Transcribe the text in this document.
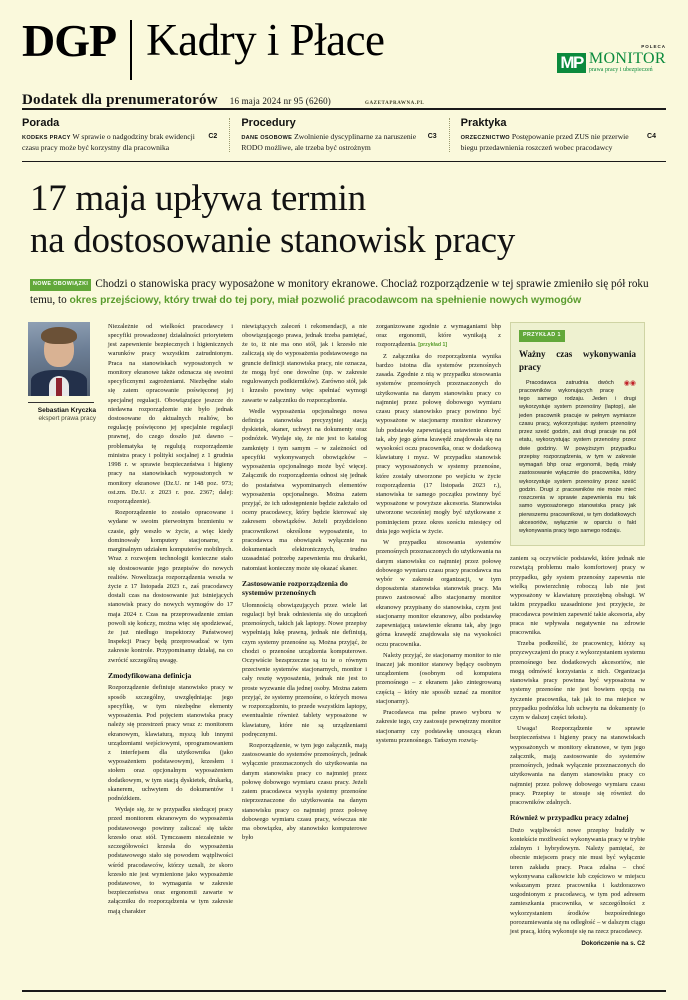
DGP Kadry i Płace
Dodatek dla prenumeratorów 16 maja 2024 nr 95 (6260)	GAZETAPRAWNA.PL
POLECA
MP MONITOR
prawa pracy i ubezpieczeń
Porada

C2
KODEKS PRACY W sprawie o nadgodziny brak ewidencji czasu pracy może być korzystny dla pracownika

Procedury

C3
DANE OSOBOWE Zwolnienie dyscyplinarne za naruszenie RODO możliwe, ale trzeba być ostrożnym

Praktyka

C4
ORZECZNICTWO Postępowanie przed ZUS nie przerwie biegu przedawnienia roszczeń wobec pracodawcy

17 maja upływa termin
na dostosowanie stanowisk pracy
NOWE OBOWIĄZKI Chodzi o stanowiska pracy wyposażone w monitory ekranowe. Chociaż rozporządzenie w tej sprawie zmieniło się pół roku temu, to okres przejściowy, który trwał do tej pory, miał pozwolić pracodawcom na spełnienie nowych wymogów
Sebastian Kryczka
ekspert prawa pracy

Niezależnie od wielkości pracodawcy i specyfiki prowadzonej działalności priorytetem jest zapewnienie bezpiecznych i higienicznych warunków pracy wszystkim zatrudnionym. Praca na stanowiskach wyposażonych w monitory ekranowe także odznacza się swoimi specyficznymi zagrożeniami. Niezbędne stało się zatem opracowanie poświęconej jej specjalnej regulacji. Obowiązujące jeszcze do niedawna rozporządzenie nie było jednak dostosowane do aktualnych realiów, bo regulację poświęcono jej specjalnie regulacji prawnej, do czego doszło już dawno – problematyka tę regulują rozporządzenie ministra pracy i polityki socjalnej z 1 grudnia 1998 r. w sprawie bezpieczeństwa i higieny pracy na stanowiskach wyposażonych w monitory ekranowe (Dz.U. nr 148 poz. 973; ost.zm. Dz.U. z 2023 r. poz. 2367; dalej: rozporządzenie).

Rozporządzenie to zostało opracowane i wydane w swoim pierwotnym brzmieniu w czasie, gdy weszło w życie, a więc kiedy dominowały komputery stacjonarne, z marginalnym udziałem komputerów mobilnych. Wraz z rozwojem technologii konieczne stało się dostosowanie jego przepisów do nowych realiów. Nowelizacja rozporządzenia weszła w życie z 17 listopada 2023 r., zaś pracodawcy dostali czas na dostosowanie już istniejących stanowisk pracy do nowych wymogów do 17 maja 2024 r. Czas na przeprowadzenie zmian powoli się kończy, można więc się spodziewać, że już niedługo inspektorzy Państwowej Inspekcji Pracy będą przeprowadzać w tym zakresie kontrole. Przypominamy działaj, na co zwrócić szczególną uwagę.

Zmodyfikowana definicja

Rozporządzenie definiuje stanowisko pracy w sposób szczególny, uwzględniając jego specyfikę, w tym niezbędne elementy wyposażenia. Pod pojęciem stanowiska pracy należy się przestrzeń pracy wraz z: monitorem ekranowym, klawiaturą, myszą lub innymi urządzeniami wejściowymi, oprogramowaniem z interfejsem dla użytkownika (jako wyposażeniem podstawowym), krzesłem i stołem oraz opcjonalnym wyposażeniem dodatkowym, w tym stacją dyskietek, drukarką, skanerem, uchwytem do dokumentów i podnóżkiem.

Wydaje się, że w przypadku siedzącej pracy przed monitorem ekranowym do wyposażenia podstawowego powinny zaliczać się także krzesło oraz stół. Tymczasem niezależnie w szczegółowości krzesła do wyposażenia podstawowego stało się powodem wątpliwości wśród pracodawców, którzy uznali, że skoro krzesło nie jest wymienione jako wyposażenie podstawowe, to wymagania w zakresie bezpieczeństwa oraz ergonomii zawarte w załączniku do rozporządzenia w tym zakresie mają charakter

niewiążących zaleceń i rekomendacji, a nie obowiązującego prawa, jednak trzeba pamiętać, że to, iż nie ma ono stół, jak i krzesło nie zaliczają się do wyposażenia podstawowego na gruncie definicji stanowiska pracy, nie oznacza, że mogą być one dowolne (np. w zakresie regulowanych podkierników). Zarówno stół, jak i krzesło powinny więc spełniać wymogi zawarte w załączniku do rozporządzenia.

Wedle wyposażenia opcjonalnego nowa definicja stanowiska precyzyjniej stacją dyskietek, skaner, uchwyt na dokumenty oraz podnóżek. Wydaje się, że nie jest to katalog zamknięty i tym samym – w zależności od specyfiki wykonywanych obowiązków – wyposażenia opcjonalnego może być więcej. Załącznik do rozporządzenia odnosi się jednak do postaństwa wypominanych elementów wyposażenia opcjonalnego. Można zatem przyjąć, że ich udostępnienie będzie zależało od oceny pracodawcy, który będzie kierować się zakresem obowiązków. Jeżeli przydzielono pracownikowi określone wyposażenie, to pracodawca ma obowiązek wyłącznie na dokumentach elektronicznych, trudno uzasadniać potrzebę zapewnienia mu drukarki, natomiast konieczny może się okazać skaner.

Zastosowanie rozporządzenia do systemów przenośnych

Ułomnością obowiązujących przez wiele lat regulacji był brak odniesienia się do urządzeń przenośnych, takich jak laptopy. Nowe przepisy wypełniają lukę prawną, jednak nie definiują, czym systemy przenośne są. Można przyjąć, że chodzi o przenośne urządzenia komputerowe. Oczywiście bezsprzeczne są tu te o równym przeciwnie systemów stacjonarnych, monitor i cały resztę wyposażenia, jednak nie jest to proste wyzwanie dla jednej osoby. Można zatem przyjąć, że systemy przenośne, o których mowa w rozporządzeniu, to przede wszystkim laptopy, ewentualnie również tablety wyposażone w klawiaturę, które nie są urządzeniami podręcznymi.

Rozporządzenie, w tym jego załącznik, mają zastosowanie do systemów przenośnych, jednak wyłącznie przeznaczonych do użytkowania na danym stanowisku pracy co najmniej przez połowę dobowego wymiaru czasu pracy. Jeżeli zatem pracodawca wysyła systemy przenośne nieprzeznaczone do użytkowania na danym stanowisku pracy co najmniej przez połowę dobowego wymiaru czasu pracy, wówczas nie ma obowiązku, aby stanowisko komputerowe było

zorganizowane zgodnie z wymaganiami bhp oraz ergonomii, które wynikają z rozporządzenia. [przykład 1]

Z załącznika do rozporządzenia wynika bardzo istotna dla systemów przenośnych zasada. Zgodnie z nią w przypadku stosowania systemów przenośnych przeznaczonych do użytkowania na danym stanowisku pracy co najmniej przez połowę dobowego wymiaru czasu pracy stanowisko pracy powinno być wyposażone w stacjonarny monitor ekranowy lub podstawkę zapewniającą ustawienie ekranu tak, aby jego górna krawędź znajdowała się na wysokości oczu pracownika, oraz w dodatkową klawiaturę i mysz. W przypadku stanowisk pracy wyposażonych w systemy przenośne, które zostały utworzone po wejściu w życie rozporządzenia (17 listopada 2023 r.), stanowiska te samego początku powinny być wyposażone w powyższe akcesoria. Stanowiska utworzone wcześniej mogły być użytkowane z pominięciem przez okres sześciu miesięcy od dnia jego wejścia w życie.

W przypadku stosowania systemów przenośnych przeznaczonych do użytkowania na danym stanowisku co najmniej przez połowę dobowego wymiaru czasu pracy pracodawca ma wybór w zakresie organizacji, w tym doposażenia stanowiska stanowisk pracy. Ma prawo zastosować albo stacjonarny monitor ekranowy przypisany do stanowiska, czym jest stacjonarny monitor ekranowy, albo podstawkę zapewniającą ustawienie ekranu tak, aby jego górna krawędź znajdowała się na wysokości oczu pracownika.

Należy przyjąć, że stacjonarny monitor to nie inaczej jak monitor stanowy będący osobnym urządzeniem (osobnym od komputera przenośnego – z ekranem jako zintegrowaną częścią – który nie sposób uznać za monitor stacjonarny).

Pracodawca ma pełne prawo wyboru w zakresie tego, czy zastosuje pewnętrzny monitor stacjonarny czy podstawkę unoszącą ekran systemu przenośnego. Tańszym rozwią-

PRZYKŁAD 1
Ważny czas wykonywania pracy

◉◉
Pracodawca zatrudnia dwóch pracowników wykonujących pracę tego samego rodzaju. Jeden i drugi wykorzystuje system przenośny (laptop), ale jeden pracownik pracuje w pełnym wymiarze czasu pracy, wykorzystując system przenośny przez sześć godzin, zaś drugi pracuje na pół etatu, wykorzystując system przenośny przez dwie godziny. W powyższym przypadku przepisy rozporządzenia, w tym w zakresie wymagań bhp oraz ergonomii, będą miały zastosowanie wyłącznie do pracownika, który wykorzystuje system przenośny przez sześć godzin. Drugi z pracowników nie może mieć roszczenia w sprawie zapewnienia mu tak samo wyposażonego stanowiska pracy jak pierwszemu pracownikowi, w tym dodatkowych akcesoriów, wyłącznie w oparciu o fakt wykonywania pracy tego samego rodzaju.

zaniem są oczywiście podstawki, które jednak nie rozwiążą problemu mało komfortowej pracy w przypadku, gdy system przenośny zapewnia nie wielką powierzchnię roboczą lub nie jest wyposażony w klawiaturę przeziębną obsługi. W takim przypadku uzasadnione jest przyjęcie, że pracodawca powinien zapewnić takie akcesoria, aby praca nie wpływała negatywnie na zdrowie pracownika.

Trzeba podkreślić, że pracownicy, którzy są przyzwyczajeni do pracy z wykorzystaniem systemu przenośnego bez dodatkowych akcesoriów, nie mogą odmówić korzystania z nich. Organizacja stanowiska pracy powinna być wyposażona w systemy przenośne nie jest bowiem opcją na życzenie pracownika, tak jak to ma miejsce w przypadku podnóżka lub uchwytu na dokumenty (o czym w dalszej części tekstu).

Uwaga! Rozporządzenie w sprawie bezpieczeństwa i higieny pracy na stanowiskach wyposażonych w monitory ekranowe, w tym jego załącznik, mają zastosowanie do systemów przenośnych, jednak wyłącznie przeznaczonych do użytkowania na danym stanowisku pracy co najmniej przez połowę dobowego wymiaru czasu pracy. Przepisy te stosuje się również do pracowników zdalnych.

Również w przypadku pracy zdalnej

Dużo wątpliwości nowe przepisy budziły w kontekście możliwości wykonywania pracy w trybie zdalnym i hybrydowym. Należy pamiętać, że obecnie miejscem pracy nie musi być wyłącznie teren zakładu pracy. Praca zdalna – choć wykonywana całkowicie lub częściowo w miejscu wskazanym przez pracownika i każdorazowo uzgodnionym z pracodawcą, w tym pod adresem zamieszkania pracownika, w szczególności z wykorzystaniem środków bezpośredniego porozumiewania się na odległość – w dalszym ciągu jest pracą, którą wykonuje się na rzecz pracodawcy.

Dokończenie na s. C2
